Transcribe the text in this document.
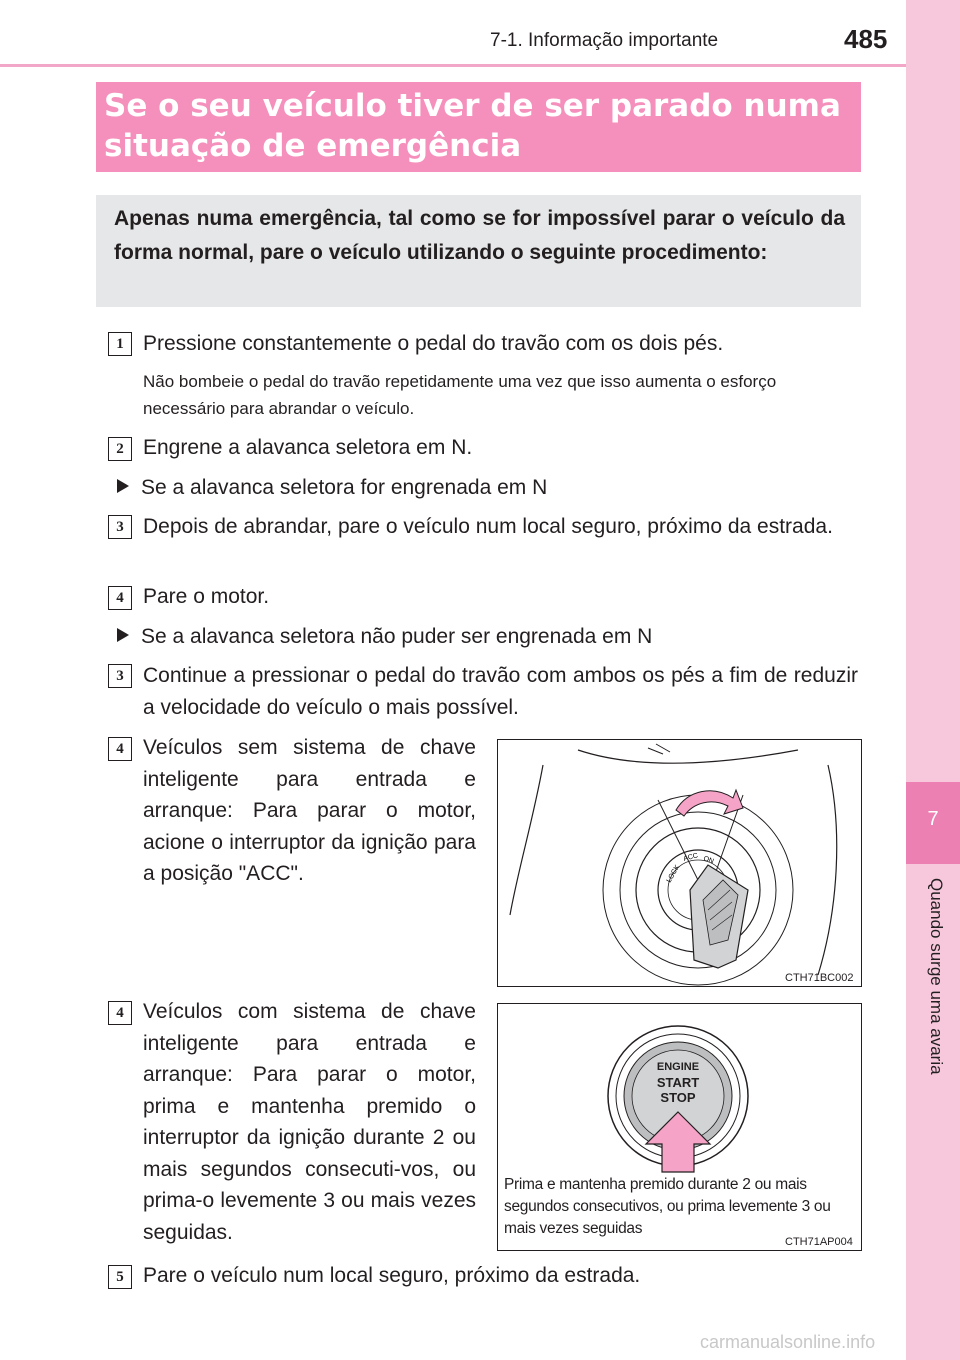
7-1. Informação importante	485
7
Quando surge uma avaria
Se o seu veículo tiver de ser parado numa
situação de emergência
Apenas numa emergência, tal como se for impossível parar o veículo da forma normal, pare o veículo utilizando o seguinte procedimento:
1 Pressione constantemente o pedal do travão com os dois pés.
Não bombeie o pedal do travão repetidamente uma vez que isso aumenta o esforço necessário para abrandar o veículo.
2 Engrene a alavanca seletora em N.
Se a alavanca seletora for engrenada em N
3 Depois de abrandar, pare o veículo num local seguro, próximo da estrada.
4 Pare o motor.
Se a alavanca seletora não puder ser engrenada em N
3 Continue a pressionar o pedal do travão com ambos os pés a fim de reduzir a velocidade do veículo o mais possível.
4 Veículos sem sistema de chave inteligente para entrada e arranque: Para parar o motor, acione o interruptor da ignição para a posição "ACC".	LOCK
ACC ON
CTH71BC002
4 Veículos com sistema de chave inteligente para entrada e arranque: Para parar o motor, prima e mantenha premido o interruptor da ignição durante 2 ou mais segundos consecuti-vos, ou prima-o levemente 3 ou mais vezes seguidas.
ENGINE
START
STOP
Prima e mantenha premido durante 2 ou mais segundos consecutivos, ou prima levemente 3 ou mais vezes seguidas
CTH71AP004
5 Pare o veículo num local seguro, próximo da estrada.
carmanualsonline.info
